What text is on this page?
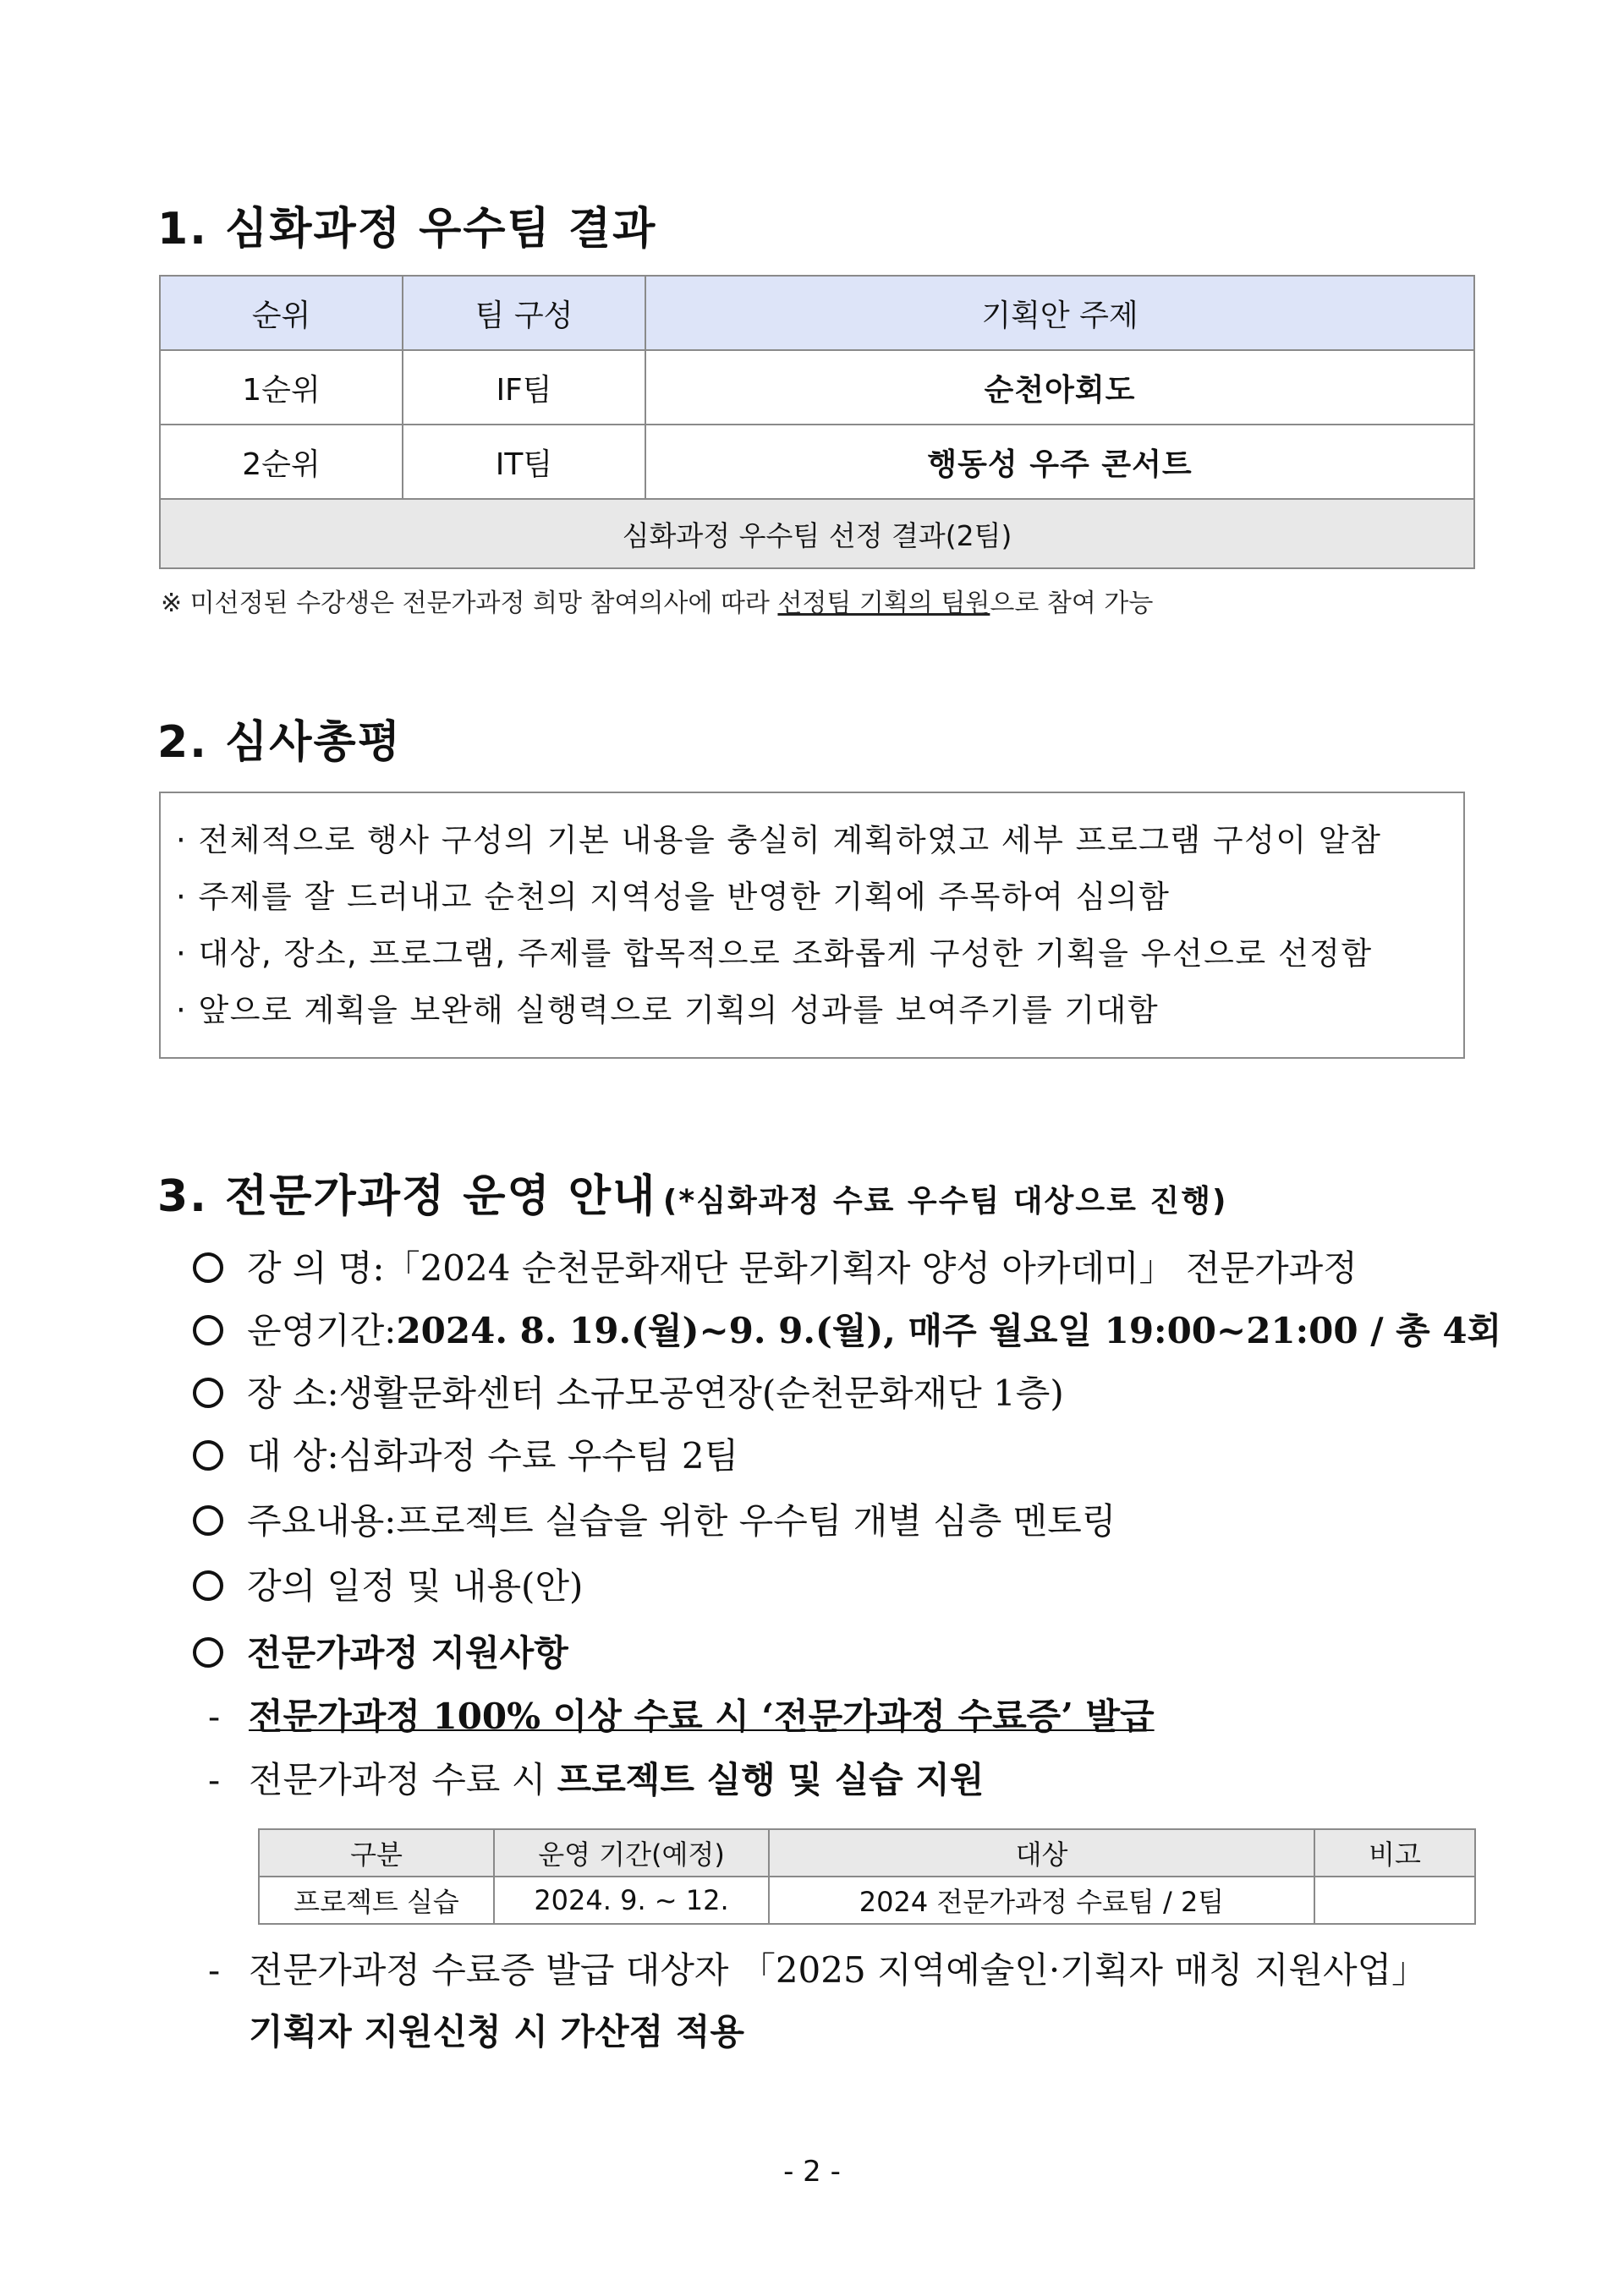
1. 심화과정 우수팀 결과
순위	팀 구성	기획안 주제
1순위	IF팀	순천아회도
2순위	IT팀	행동성 우주 콘서트
심화과정 우수팀 선정 결과(2팀)		
※ 미선정된 수강생은 전문가과정 희망 참여의사에 따라 선정팀 기획의 팀원으로 참여 가능
2. 심사총평
· 전체적으로 행사 구성의 기본 내용을 충실히 계획하였고 세부 프로그램 구성이 알참
· 주제를 잘 드러내고 순천의 지역성을 반영한 기획에 주목하여 심의함
· 대상, 장소, 프로그램, 주제를 합목적으로 조화롭게 구성한 기획을 우선으로 선정함
· 앞으로 계획을 보완해 실행력으로 기획의 성과를 보여주기를 기대함
3. 전문가과정 운영 안내 (*심화과정 수료 우수팀 대상으로 진행)
강 의 명:「2024 순천문화재단 문화기획자 양성 아카데미」 전문가과정
운영기간:2024. 8. 19.(월)~9. 9.(월), 매주 월요일 19:00~21:00 / 총 4회
장 소:생활문화센터 소규모공연장(순천문화재단 1층)
대 상:심화과정 수료 우수팀 2팀
주요내용:프로젝트 실습을 위한 우수팀 개별 심층 멘토링
강의 일정 및 내용(안)
전문가과정 지원사항
- 전문가과정 100% 이상 수료 시 ‘전문가과정 수료증’ 발급
- 전문가과정 수료 시 프로젝트 실행 및 실습 지원
구분	운영 기간(예정)	대상	비고
프로젝트 실습	2024. 9. ~ 12.	2024 전문가과정 수료팀 / 2팀	
- 전문가과정 수료증 발급 대상자 「2025 지역예술인·기획자 매칭 지원사업」
기획자 지원신청 시 가산점 적용
- 2 -
